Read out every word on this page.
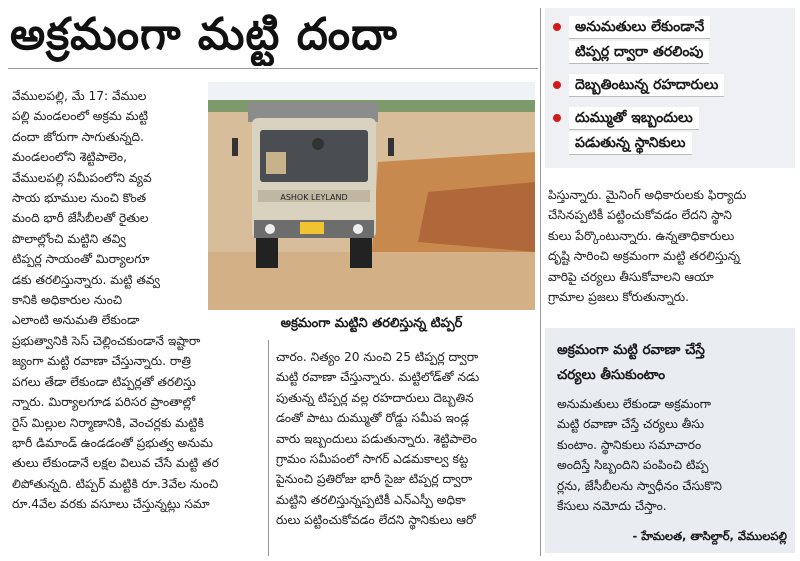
అక్రమంగా మట్టి దందా	అనుమతులు లేకుండానే
టిప్పర్ల ద్వారా తరలింపు
దెబ్బతింటున్న రహదారులు
దుమ్ముతో ఇబ్బందులు
పడుతున్న స్థానికులు

వేములపల్లి, మే 17: వేముల

పల్లి మండలంలో అక్రమ మట్టి

దందా జోరుగా సాగుతున్నది.

మండలంలోని శెట్టిపాలెం,

వేములపల్లి సమీపంలోని వ్యవ

సాయ భూముల నుంచి కొంత

మంది భారీ జేసీబీలతో రైతుల

పొలాల్లోంచి మట్టిని తవ్వి

టిప్పర్ల సాయంతో మిర్యాలగూ

డకు తరలిస్తున్నారు. మట్టి తవ్వ

కానికి అధికారుల నుంచి

ఎలాంటి అనుమతి లేకుండా

ప్రభుత్వానికి సెస్ చెల్లించకుండానే ఇష్టారా

జ్యంగా మట్టి రవాణా చేస్తున్నారు. రాత్రి

పగలు తేడా లేకుండా టిప్పర్లతో తరలిస్తు

న్నారు. మిర్యాలగూడ పరిసర ప్రాంతాల్లో

రైస్ మిల్లుల నిర్మాణానికి, వెంచర్లకు మట్టికి

భారీ డిమాండ్ ఉండడంతో ప్రభుత్వ అనుమ

తులు లేకుండానే లక్షల విలువ చేసే మట్టి తర

లిపోతున్నది. టిప్పర్ మట్టికి రూ.3వేల నుంచి

రూ.4వేల వరకు వసూలు చేస్తున్నట్లు సమా

చారం. నిత్యం 20 నుంచి 25 టిప్పర్ల ద్వారా

మట్టి రవాణా చేస్తున్నారు. మట్టిలోడ్‌తో నడు

పుతున్న టిప్పర్ల వల్ల రహదారులు దెబ్బతిన

డంతో పాటు దుమ్ముతో రోడ్డు సమీప ఇండ్ల

వారు ఇబ్బందులు పడుతున్నారు. శెట్టిపాలెం

గ్రామం సమీపంలో సాగర్ ఎడమకాల్వ కట్ట

పైనుంచి ప్రతిరోజు భారీ సైజు టిప్పర్ల ద్వారా

మట్టిని తరలిస్తున్నప్పటికీ ఎన్‌ఎస్పీ అధికా

రులు పట్టించుకోవడం లేదని స్థానికులు ఆరో

పిస్తున్నారు. మైనింగ్ అధికారులకు ఫిర్యాదు

చేసినప్పటికీ పట్టించుకోవడం లేదని స్థాని

కులు పేర్కొంటున్నారు. ఉన్నతాధికారులు

దృష్టి సారించి అక్రమంగా మట్టి తరలిస్తున్న

వారిపై చర్యలు తీసుకోవాలని ఆయా

గ్రామాల ప్రజలు కోరుతున్నారు.

ASHOK LEYLAND
అక్రమంగా మట్టిని తరలిస్తున్న టిప్పర్
అక్రమంగా మట్టి రవాణా చేస్తే
చర్యలు తీసుకుంటాం

అనుమతులు లేకుండా అక్రమంగా

మట్టి రవాణా చేస్తే చర్యలు తీసు

కుంటాం. స్థానికులు సమాచారం

అందిస్తే సిబ్బందిని పంపించి టిప్ప

ర్లను, జేసీబీలను స్వాధీనం చేసుకొని

కేసులు నమోదు చేస్తాం.

- హేమలత, తాసిల్దార్, వేములపల్లి
